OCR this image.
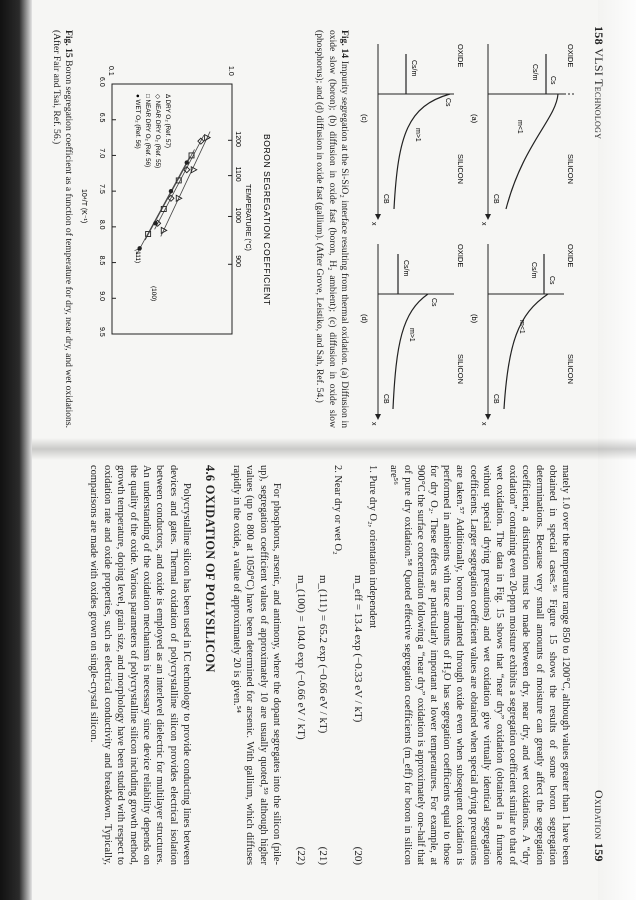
158 VLSI Technology
OXIDE
SILICON
Cs
Cs/m
m<1
CB
x
(a)
OXIDE
SILICON
Cs
Cs/m
m<1
CB
x
(b)
OXIDE
SILICON
Cs/m
Cs
m>1
CB
x
(c)
OXIDE
SILICON
Cs/m
Cs
m>1
CB
x
(d)
Fig. 14 Impurity segregation at the Si-SiO₂ interface resulting from thermal oxidation. (a) Diffusion in oxide slow (boron); (b) diffusion in oxide fast (boron, H₂ ambient); (c) diffusion in oxide slow (phosphorus); and (d) diffusion in oxide fast (gallium). (After Grove, Leistiko, and Sah, Ref. 54.)
BORON SEGREGATION COEFFICIENT
TEMPERATURE (°C)
1200
1100
1000
900
1.0
0.1
6.0
6.5
7.0
7.5
8.0
8.5
9.0
9.5
(111)
(100)
Δ DRY O₂ (Ref. 57)
◇ NEAR DRY O₂ (Ref. 55)
□ NEAR DRY O₂ (Ref. 56)
● WET O₂ (Ref. 56)
10⁴/T (K⁻¹)
Fig. 15 Boron segregation coefficient as a function of temperature for dry, near dry, and wet oxidations. (After Fair and Tsai, Ref. 56.)
Oxidation 159

mately 1.0 over the temperature range 850 to 1200°C, although values greater than 1 have been obtained in special cases.⁵⁶ Figure 15 shows the results of some boron segregation determinations. Because very small amounts of moisture can greatly affect the segregation coefficient, a distinction must be made between dry, near dry, and wet oxidations. A “dry oxidation” containing even 20-ppm moisture exhibits a segregation coefficient similar to that of wet oxidation. The data in Fig. 15 shows that “near dry” oxidation (obtained in a furnace without special drying precautions) and wet oxidation give virtually identical segregation coefficients. Larger segregation coefficient values are obtained when special drying precautions are taken.⁵⁷ Additionally, boron implanted through oxide even when subsequent oxidation is performed in ambients with trace amounts of H₂O has segregation coefficients equal to those for dry O₂. These effects are particularly important at lower temperatures. For example, at 900°C the surface concentration following a “near dry” oxidation is approximately one-half that of pure dry oxidation.⁵⁸ Quoted effective segregation coefficients (m_eff) for boron in silicon are⁵⁶

1. Pure dry O₂, orientation independent

m_eff = 13.4 exp (−0.33 eV / kT)
(20)

2. Near dry or wet O₂

m_(111) = 65.2 exp (−0.66 eV / kT)
(21)
m_(100) = 104.0 exp (−0.66 eV / kT)
(22)

For phosphorus, arsenic, and antimony, where the dopant segregates into the silicon (pile-up), segregation coefficient values of approximately 10 are usually quoted,⁵⁹ although higher values (up to 800 at 1050°C) have been determined for arsenic. With gallium, which diffuses rapidly in the oxide, a value of approximately 20 is given.⁵⁴

4.6 OXIDATION OF POLYSILICON

Polycrystalline silicon has been used in IC technology to provide conducting lines between devices and gates. Thermal oxidation of polycrystalline silicon provides electrical isolation between conductors, and oxide is employed as an interlevel dielectric for multilayer structures. An understanding of the oxidation mechanism is necessary since device reliability depends on the quality of the oxide. Various parameters of polycrystalline silicon including growth method, growth temperature, doping level, grain size, and morphology have been studied with respect to oxidation rate and oxide properties, such as electrical conductivity and breakdown. Typically, comparisons are made with oxides grown on single-crystal silicon.
